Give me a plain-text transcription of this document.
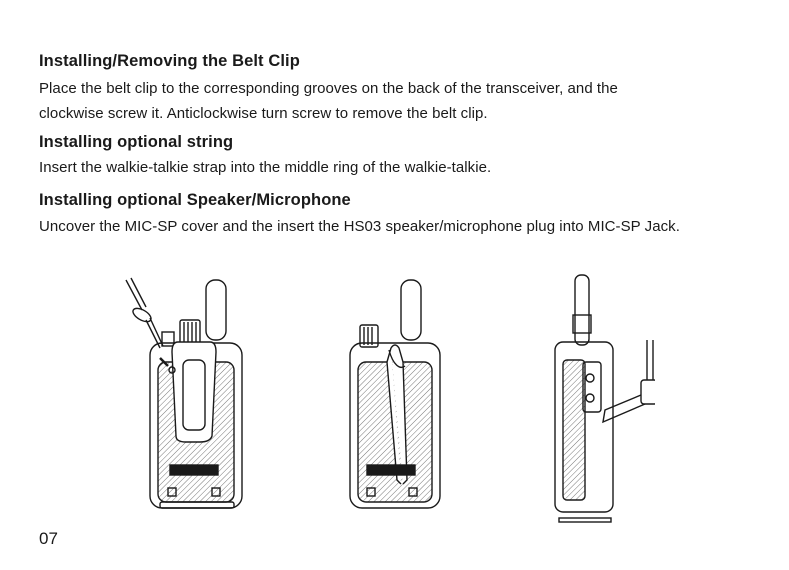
Installing/Removing the Belt Clip
Place the belt clip to the corresponding grooves on the back of the transceiver, and the
clockwise screw it. Anticlockwise turn screw to remove the belt clip.
Installing optional string
Insert the walkie-talkie strap into the middle ring of the walkie-talkie.
Installing optional Speaker/Microphone
Uncover the MIC-SP cover and the insert the HS03 speaker/microphone plug into MIC-SP Jack.
07
